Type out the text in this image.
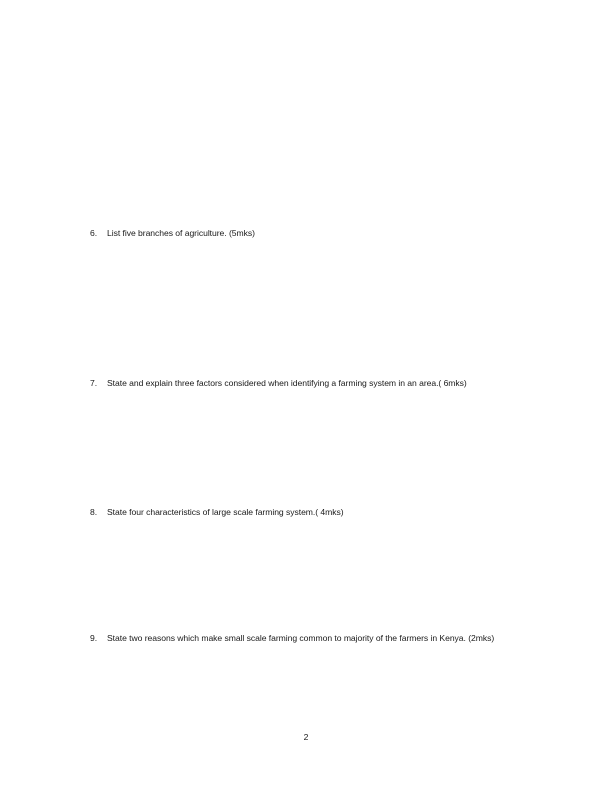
6.	List five branches of agriculture. (5mks)
7.	State and explain three factors considered when identifying a farming system in an area.( 6mks)
8.	State four characteristics of large scale farming system.( 4mks)
9.	State two reasons which make small scale farming common to majority of the farmers in Kenya. (2mks)
2
